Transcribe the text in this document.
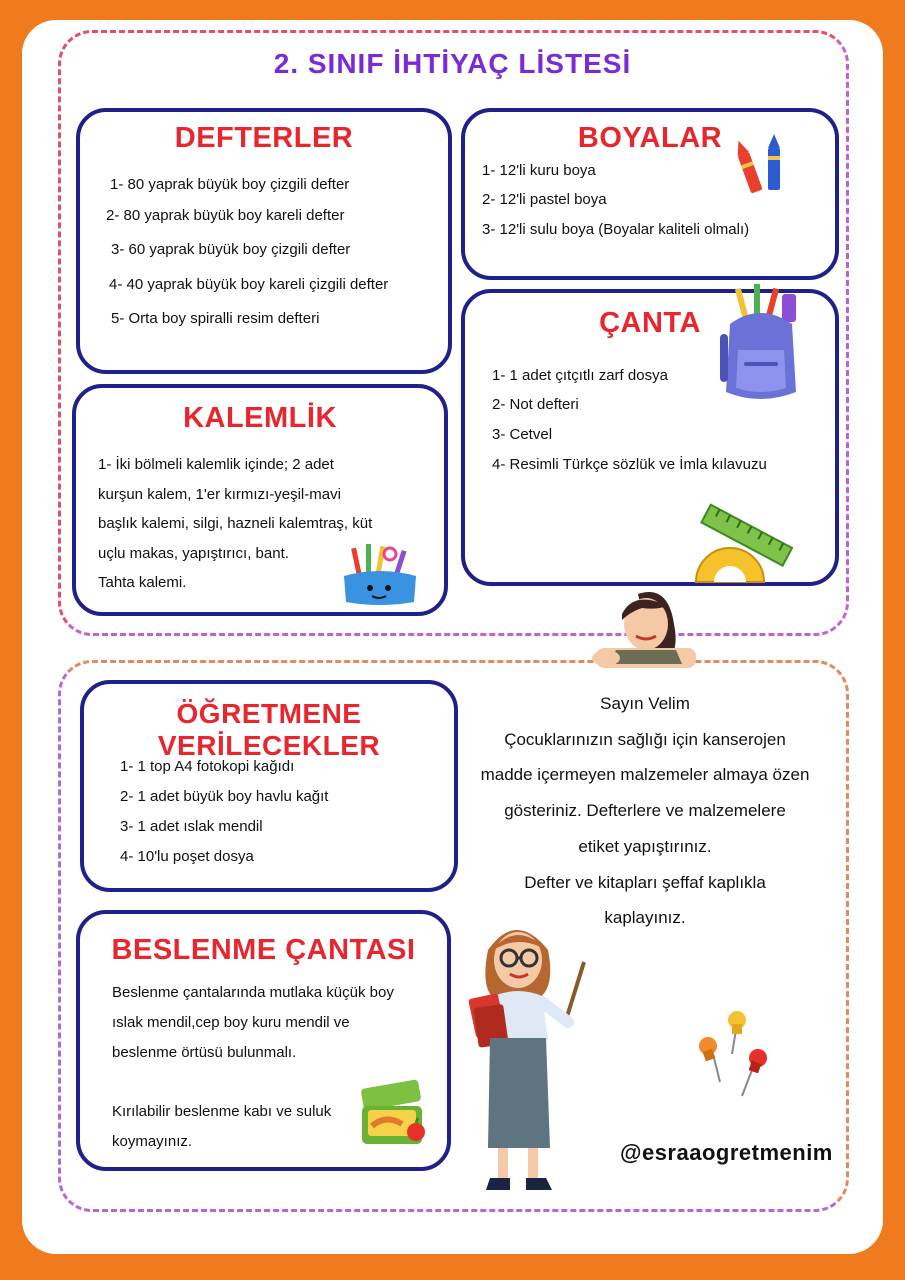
2. SINIF İHTİYAÇ LİSTESİ
DEFTERLER
1- 80 yaprak büyük boy çizgili defter
2- 80 yaprak büyük boy kareli defter
3- 60 yaprak büyük boy çizgili defter
4- 40 yaprak büyük boy kareli çizgili defter
5- Orta boy spiralli resim defteri
BOYALAR
1- 12'li kuru boya
2- 12'li pastel boya
3- 12'li sulu boya (Boyalar kaliteli olmalı)
ÇANTA
1- 1 adet çıtçıtlı zarf dosya
2- Not defteri
3- Cetvel
4- Resimli Türkçe sözlük ve İmla kılavuzu
KALEMLİK
1- İki bölmeli kalemlik içinde; 2 adet
kurşun kalem, 1'er kırmızı-yeşil-mavi
başlık kalemi, silgi, hazneli kalemtraş, küt
uçlu makas, yapıştırıcı, bant.
Tahta kalemi.
ÖĞRETMENE VERİLECEKLER
1- 1 top A4 fotokopi kağıdı
2- 1 adet büyük boy havlu kağıt
3- 1 adet ıslak mendil
4- 10'lu poşet dosya
BESLENME ÇANTASI
Beslenme çantalarında mutlaka küçük boy
ıslak mendil,cep boy kuru mendil ve
beslenme örtüsü bulunmalı.
Kırılabilir beslenme kabı ve suluk
koymayınız.
Sayın Velim
Çocuklarınızın sağlığı için kanserojen
madde içermeyen malzemeler almaya özen
gösteriniz. Defterlere ve malzemelere
etiket yapıştırınız.
Defter ve kitapları şeffaf kaplıkla
kaplayınız.
@esraaogretmenim
